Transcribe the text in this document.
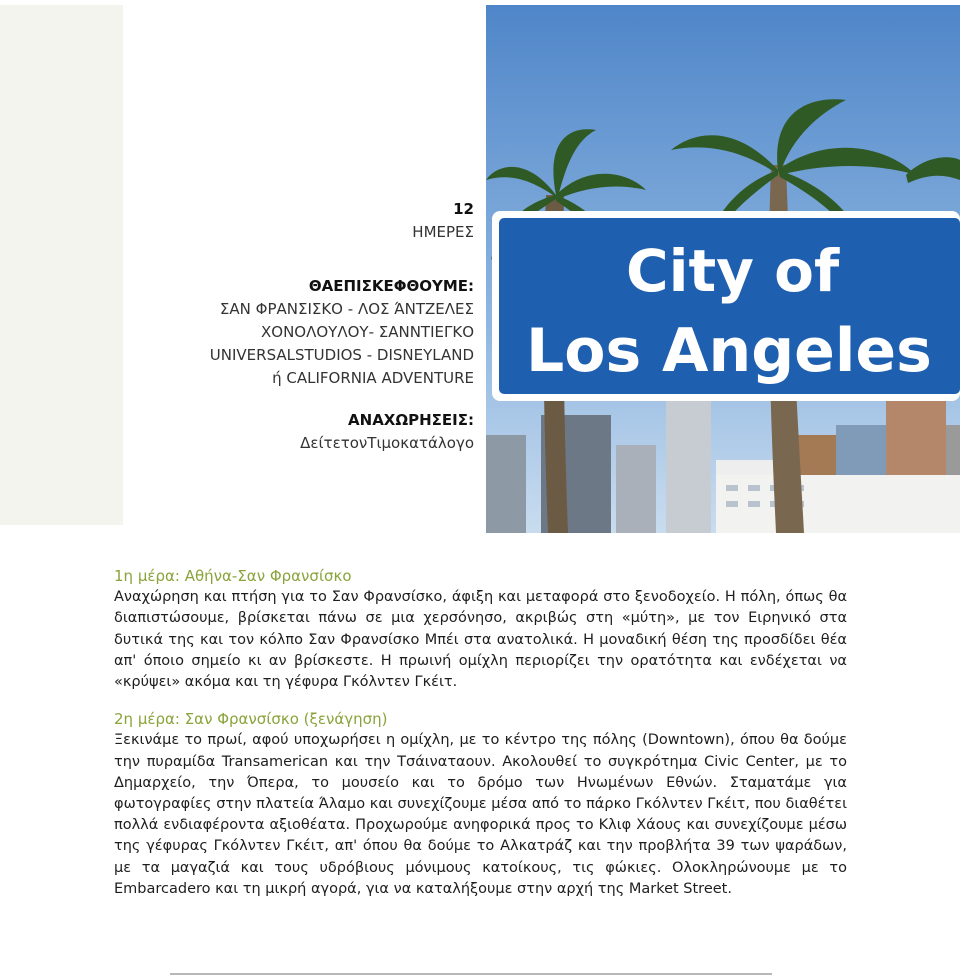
12
ΗΜΕΡΕΣ
ΘΑΕΠΙΣΚΕΦΘΟΥΜΕ:
ΣΑΝ ΦΡΑΝΣΙΣΚΟ - ΛΟΣ ΆΝΤΖΕΛΕΣ
ΧΟΝΟΛΟΥΛΟΥ- ΣΑΝΝΤΙΕΓΚΟ
UNIVERSALSTUDIOS - DISNEYLAND
ή CALIFORNIA ADVENTURE
ΑΝΑΧΩΡΗΣΕΙΣ:
ΔείτετονΤιμοκατάλογο
City of
Los Angeles
1η μέρα: Αθήνα-Σαν Φρανσίσκο

Αναχώρηση και πτήση για το Σαν Φρανσίσκο, άφιξη και μεταφορά στο ξενοδοχείο. Η πόλη, όπως θα διαπιστώσουμε, βρίσκεται πάνω σε μια χερσόνησο, ακριβώς στη «μύτη», με τον Ειρηνικό στα δυτικά της και τον κόλπο Σαν Φρανσίσκο Μπέι στα ανατολικά. Η μοναδική θέση της προσδίδει θέα απ' όποιο σημείο κι αν βρίσκεστε. Η πρωινή ομίχλη περιορίζει την ορατότητα και ενδέχεται να «κρύψει» ακόμα και τη γέφυρα Γκόλντεν Γκέιτ.

2η μέρα: Σαν Φρανσίσκο (ξενάγηση)

Ξεκινάμε το πρωί, αφού υποχωρήσει η ομίχλη, με το κέντρο της πόλης (Downtown), όπου θα δούμε την πυραμίδα Transamerican και την Τσάιναταουν. Ακολουθεί το συγκρότημα Civic Center, με το Δημαρχείο, την Όπερα, το μουσείο και το δρόμο των Ηνωμένων Εθνών. Σταματάμε για φωτογραφίες στην πλατεία Άλαμο και συνεχίζουμε μέσα από το πάρκο Γκόλντεν Γκέιτ, που διαθέτει πολλά ενδιαφέροντα αξιοθέατα. Προχωρούμε ανηφορικά προς το Κλιφ Χάους και συνεχίζουμε μέσω της γέφυρας Γκόλντεν Γκέιτ, απ' όπου θα δούμε το Αλκατράζ και την προβλήτα 39 των ψαράδων, με τα μαγαζιά και τους υδρόβιους μόνιμους κατοίκους, τις φώκιες. Ολοκληρώνουμε με το Embarcadero και τη μικρή αγορά, για να καταλήξουμε στην αρχή της Market Street.
